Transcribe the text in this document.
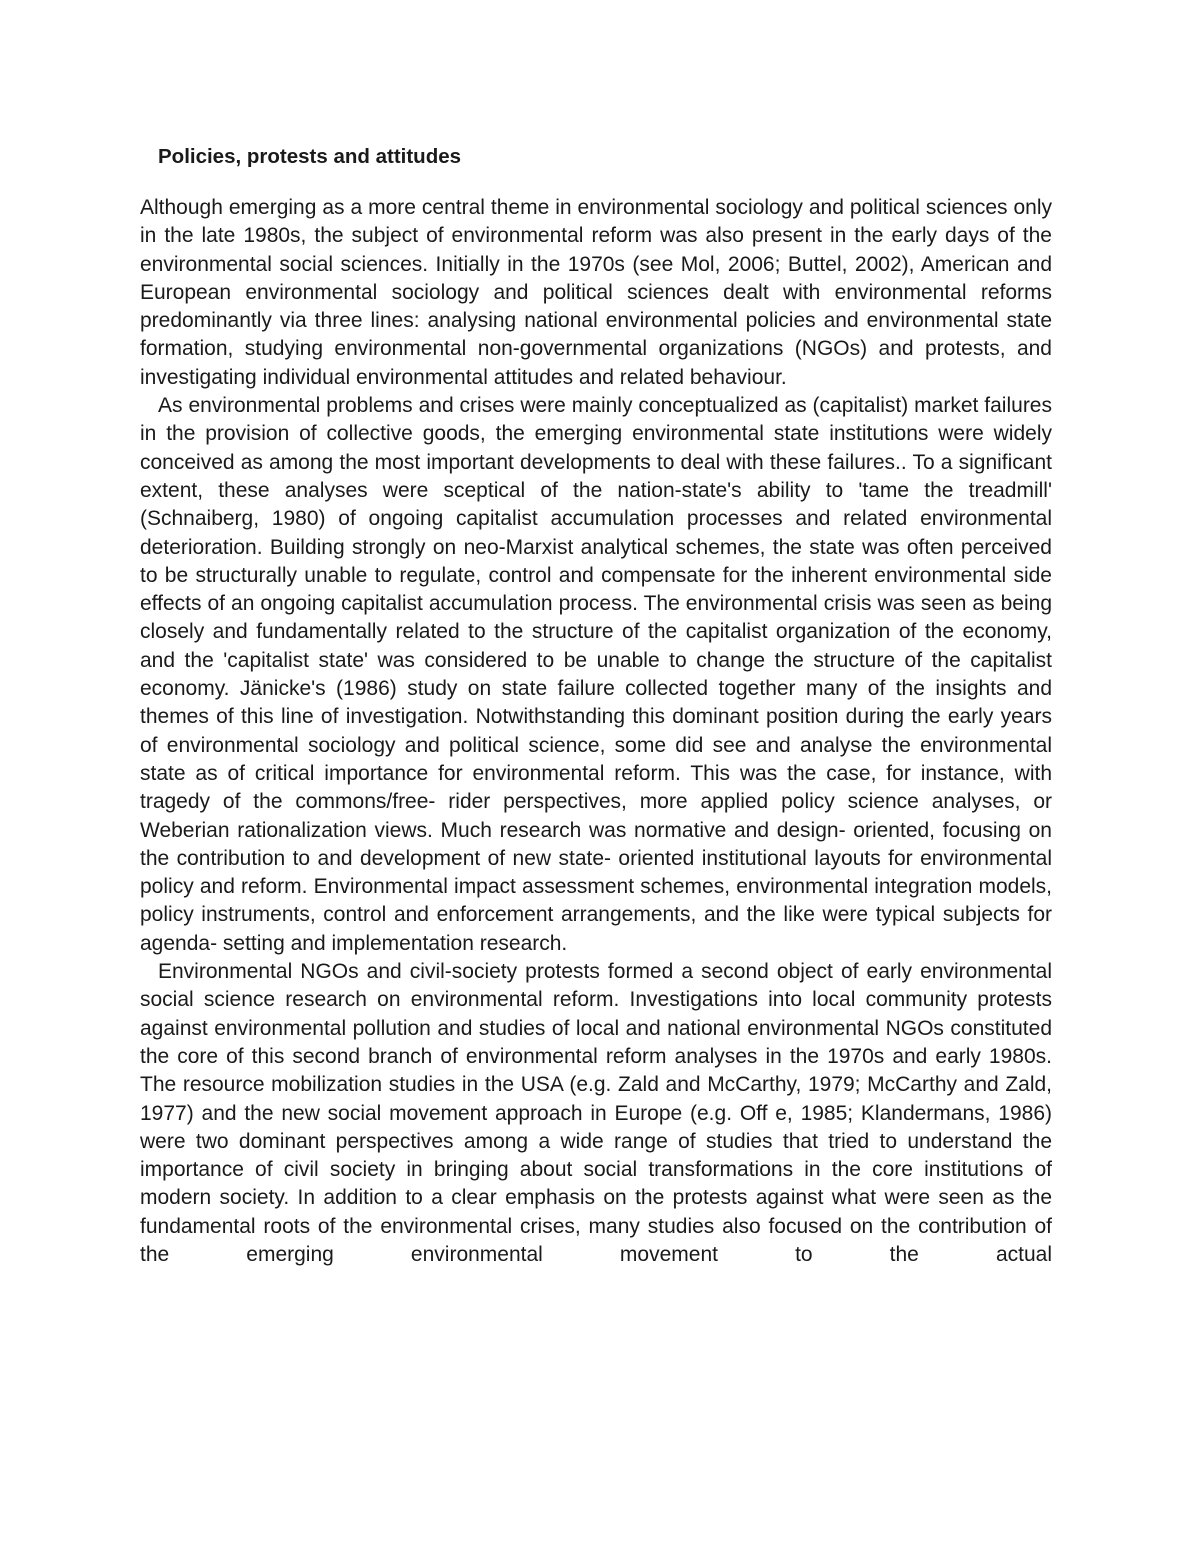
Policies, protests and attitudes

Although emerging as a more central theme in environmental sociology and political sciences only in the late 1980s, the subject of environmental reform was also present in the early days of the environmental social sciences. Initially in the 1970s (see Mol, 2006; Buttel, 2002), American and European environmental sociology and political sciences dealt with environmental reforms predominantly via three lines: analysing national environmental policies and environmental state formation, studying environmental non-governmental organizations (NGOs) and protests, and investigating individual environmental attitudes and related behaviour.

As environmental problems and crises were mainly conceptualized as (capitalist) market failures in the provision of collective goods, the emerging environmental state institutions were widely conceived as among the most important developments to deal with these failures.. To a significant extent, these analyses were sceptical of the nation-state's ability to 'tame the treadmill' (Schnaiberg, 1980) of ongoing capitalist accumulation processes and related environmental deterioration. Building strongly on neo-Marxist analytical schemes, the state was often perceived to be structurally unable to regulate, control and compensate for the inherent environmental side effects of an ongoing capitalist accumulation process. The environmental crisis was seen as being closely and fundamentally related to the structure of the capitalist organization of the economy, and the 'capitalist state' was considered to be unable to change the structure of the capitalist economy. Jänicke's (1986) study on state failure collected together many of the insights and themes of this line of investigation. Notwithstanding this dominant position during the early years of environmental sociology and political science, some did see and analyse the environmental state as of critical importance for environmental reform. This was the case, for instance, with tragedy of the commons/free- rider perspectives, more applied policy science analyses, or Weberian rationalization views. Much research was normative and design- oriented, focusing on the contribution to and development of new state- oriented institutional layouts for environmental policy and reform. Environmental impact assessment schemes, environmental integration models, policy instruments, control and enforcement arrangements, and the like were typical subjects for agenda- setting and implementation research.

Environmental NGOs and civil-society protests formed a second object of early environmental social science research on environmental reform. Investigations into local community protests against environmental pollution and studies of local and national environmental NGOs constituted the core of this second branch of environmental reform analyses in the 1970s and early 1980s. The resource mobilization studies in the USA (e.g. Zald and McCarthy, 1979; McCarthy and Zald, 1977) and the new social movement approach in Europe (e.g. Off e, 1985; Klandermans, 1986) were two dominant perspectives among a wide range of studies that tried to understand the importance of civil society in bringing about social transformations in the core institutions of modern society. In addition to a clear emphasis on the protests against what were seen as the fundamental roots of the environmental crises, many studies also focused on the contribution of the emerging environmental movement to the actual
